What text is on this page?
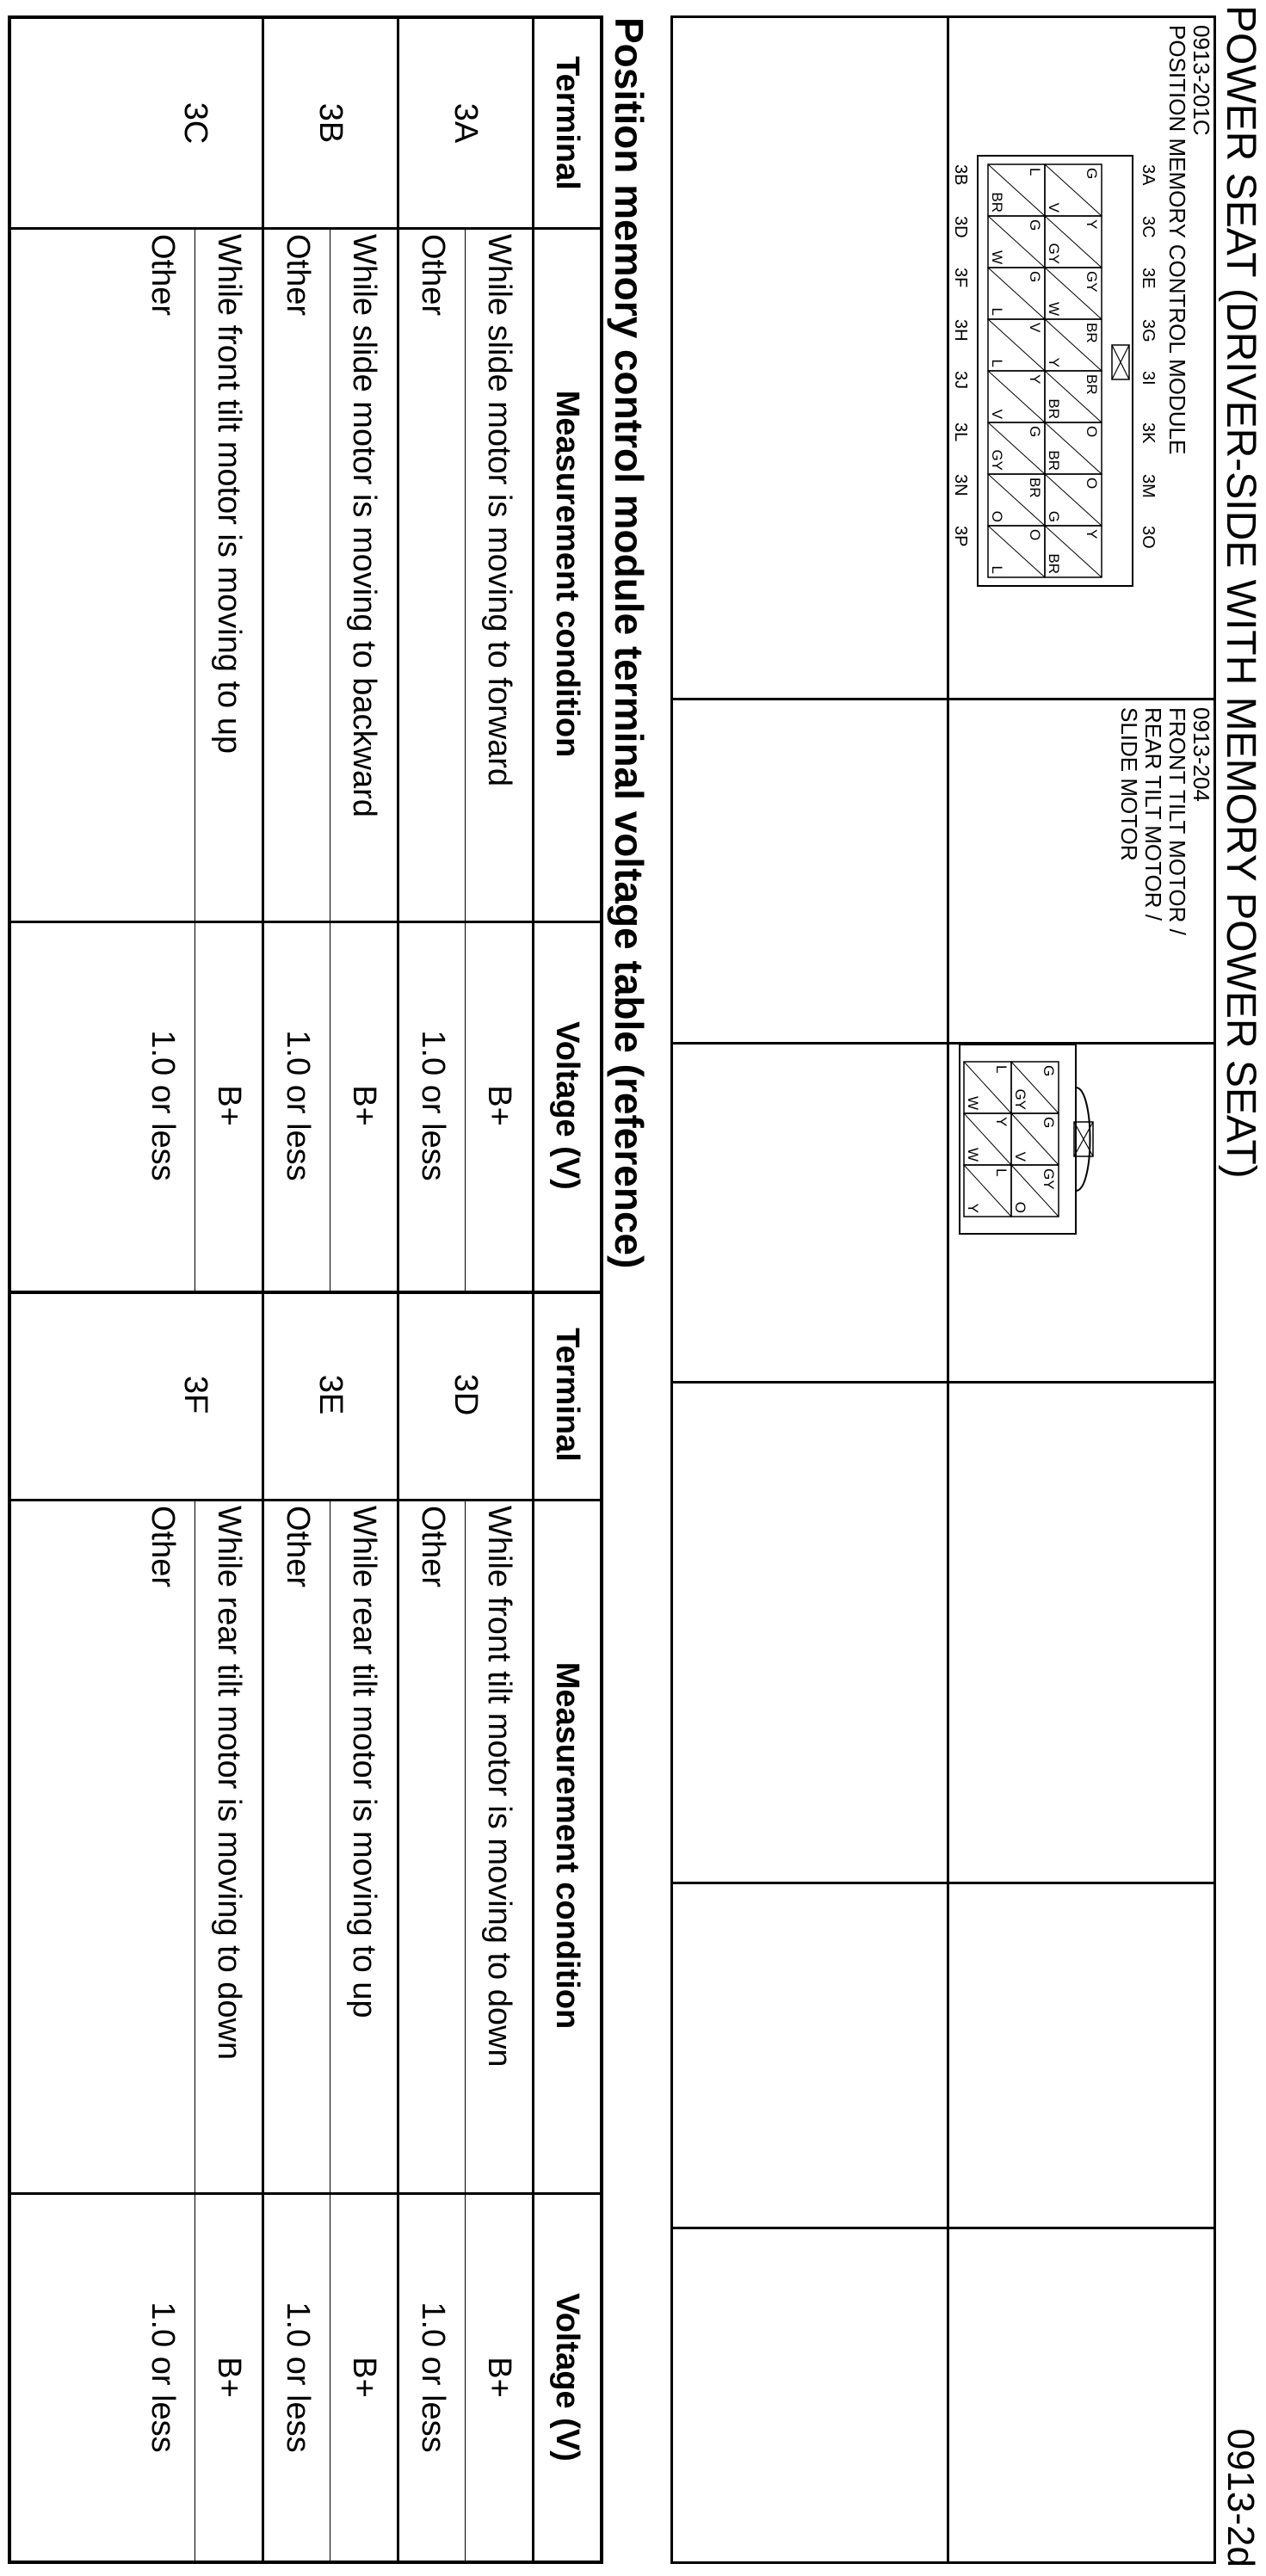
POWER SEAT (DRIVER-SIDE WITH MEMORY POWER SEAT)
0913-2d
0913-201C
POSITION MEMORY CONTROL MODULE
3A
3C
3E
3G
3I
3K
3M
3O
3B
3D
3F
3H
3J
3L
3N
3P
G
V
L
BR
Y
GY
G
W
GY
W
G
L
BR
Y
V
L
BR
BR
Y
V
O
BR
G
GY
O
G
BR
O
Y
BR
O
L
0913-204
FRONT TILT MOTOR /
REAR TILT MOTOR /
SLIDE MOTOR
G
GY
L
W
G
V
Y
W
GY
O
L
Y
Position memory control module terminal voltage table (reference)
Terminal
Measurement condition
Voltage (V)
Terminal
Measurement condition
Voltage (V)
3A
While slide motor is moving to forward
B+
Other
1.0 or less
3D
While front tilt motor is moving to down
B+
Other
1.0 or less
3B
While slide motor is moving to backward
B+
Other
1.0 or less
3E
While rear tilt motor is moving to up
B+
Other
1.0 or less
3C
While front tilt motor is moving to up
B+
Other
1.0 or less
3F
While rear tilt motor is moving to down
B+
Other
1.0 or less
